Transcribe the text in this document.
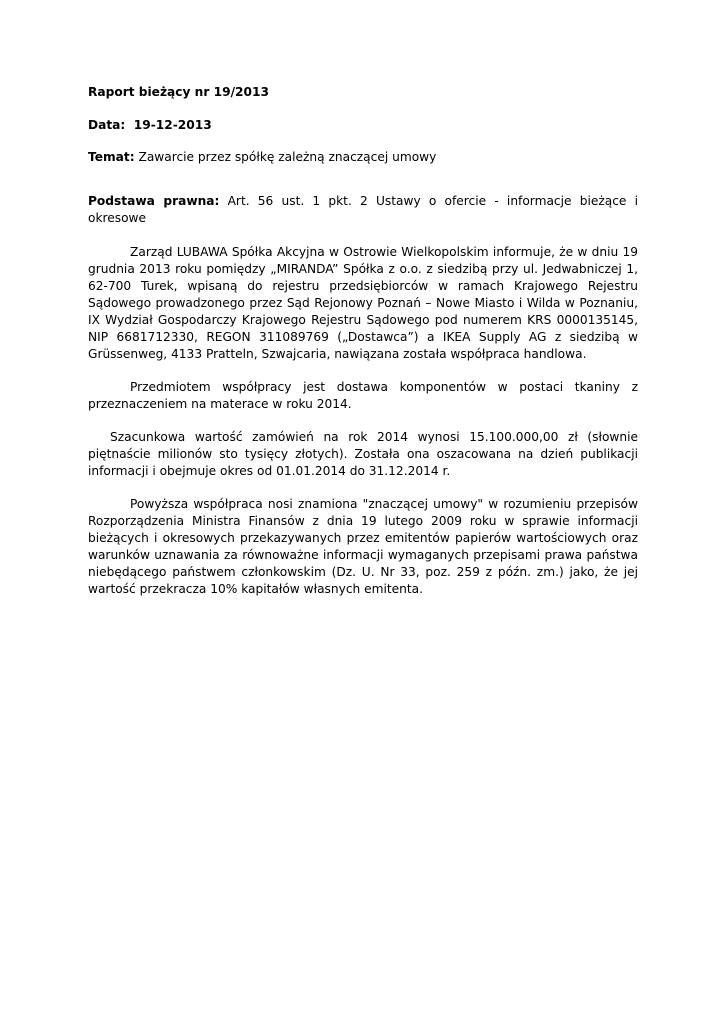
Raport bieżący nr 19/2013

Data: 19-12-2013

Temat: Zawarcie przez spółkę zależną znaczącej umowy

Podstawa prawna: Art. 56 ust. 1 pkt. 2 Ustawy o ofercie - informacje bieżące i okresowe

Zarząd LUBAWA Spółka Akcyjna w Ostrowie Wielkopolskim informuje, że w dniu 19 grudnia 2013 roku pomiędzy „MIRANDA” Spółka z o.o. z siedzibą przy ul. Jedwabniczej 1, 62-700 Turek, wpisaną do rejestru przedsiębiorców w ramach Krajowego Rejestru Sądowego prowadzonego przez Sąd Rejonowy Poznań – Nowe Miasto i Wilda w Poznaniu, IX Wydział Gospodarczy Krajowego Rejestru Sądowego pod numerem KRS 0000135145, NIP 6681712330, REGON 311089769 („Dostawca”) a IKEA Supply AG z siedzibą w Grüssenweg, 4133 Pratteln, Szwajcaria, nawiązana została współpraca handlowa.

Przedmiotem współpracy jest dostawa komponentów w postaci tkaniny z przeznaczeniem na materace w roku 2014.

Szacunkowa wartość zamówień na rok 2014 wynosi 15.100.000,00 zł (słownie piętnaście milionów sto tysięcy złotych). Została ona oszacowana na dzień publikacji informacji i obejmuje okres od 01.01.2014 do 31.12.2014 r.

Powyższa współpraca nosi znamiona "znaczącej umowy" w rozumieniu przepisów Rozporządzenia Ministra Finansów z dnia 19 lutego 2009 roku w sprawie informacji bieżących i okresowych przekazywanych przez emitentów papierów wartościowych oraz warunków uznawania za równoważne informacji wymaganych przepisami prawa państwa niebędącego państwem członkowskim (Dz. U. Nr 33, poz. 259 z późn. zm.) jako, że jej wartość przekracza 10% kapitałów własnych emitenta.
